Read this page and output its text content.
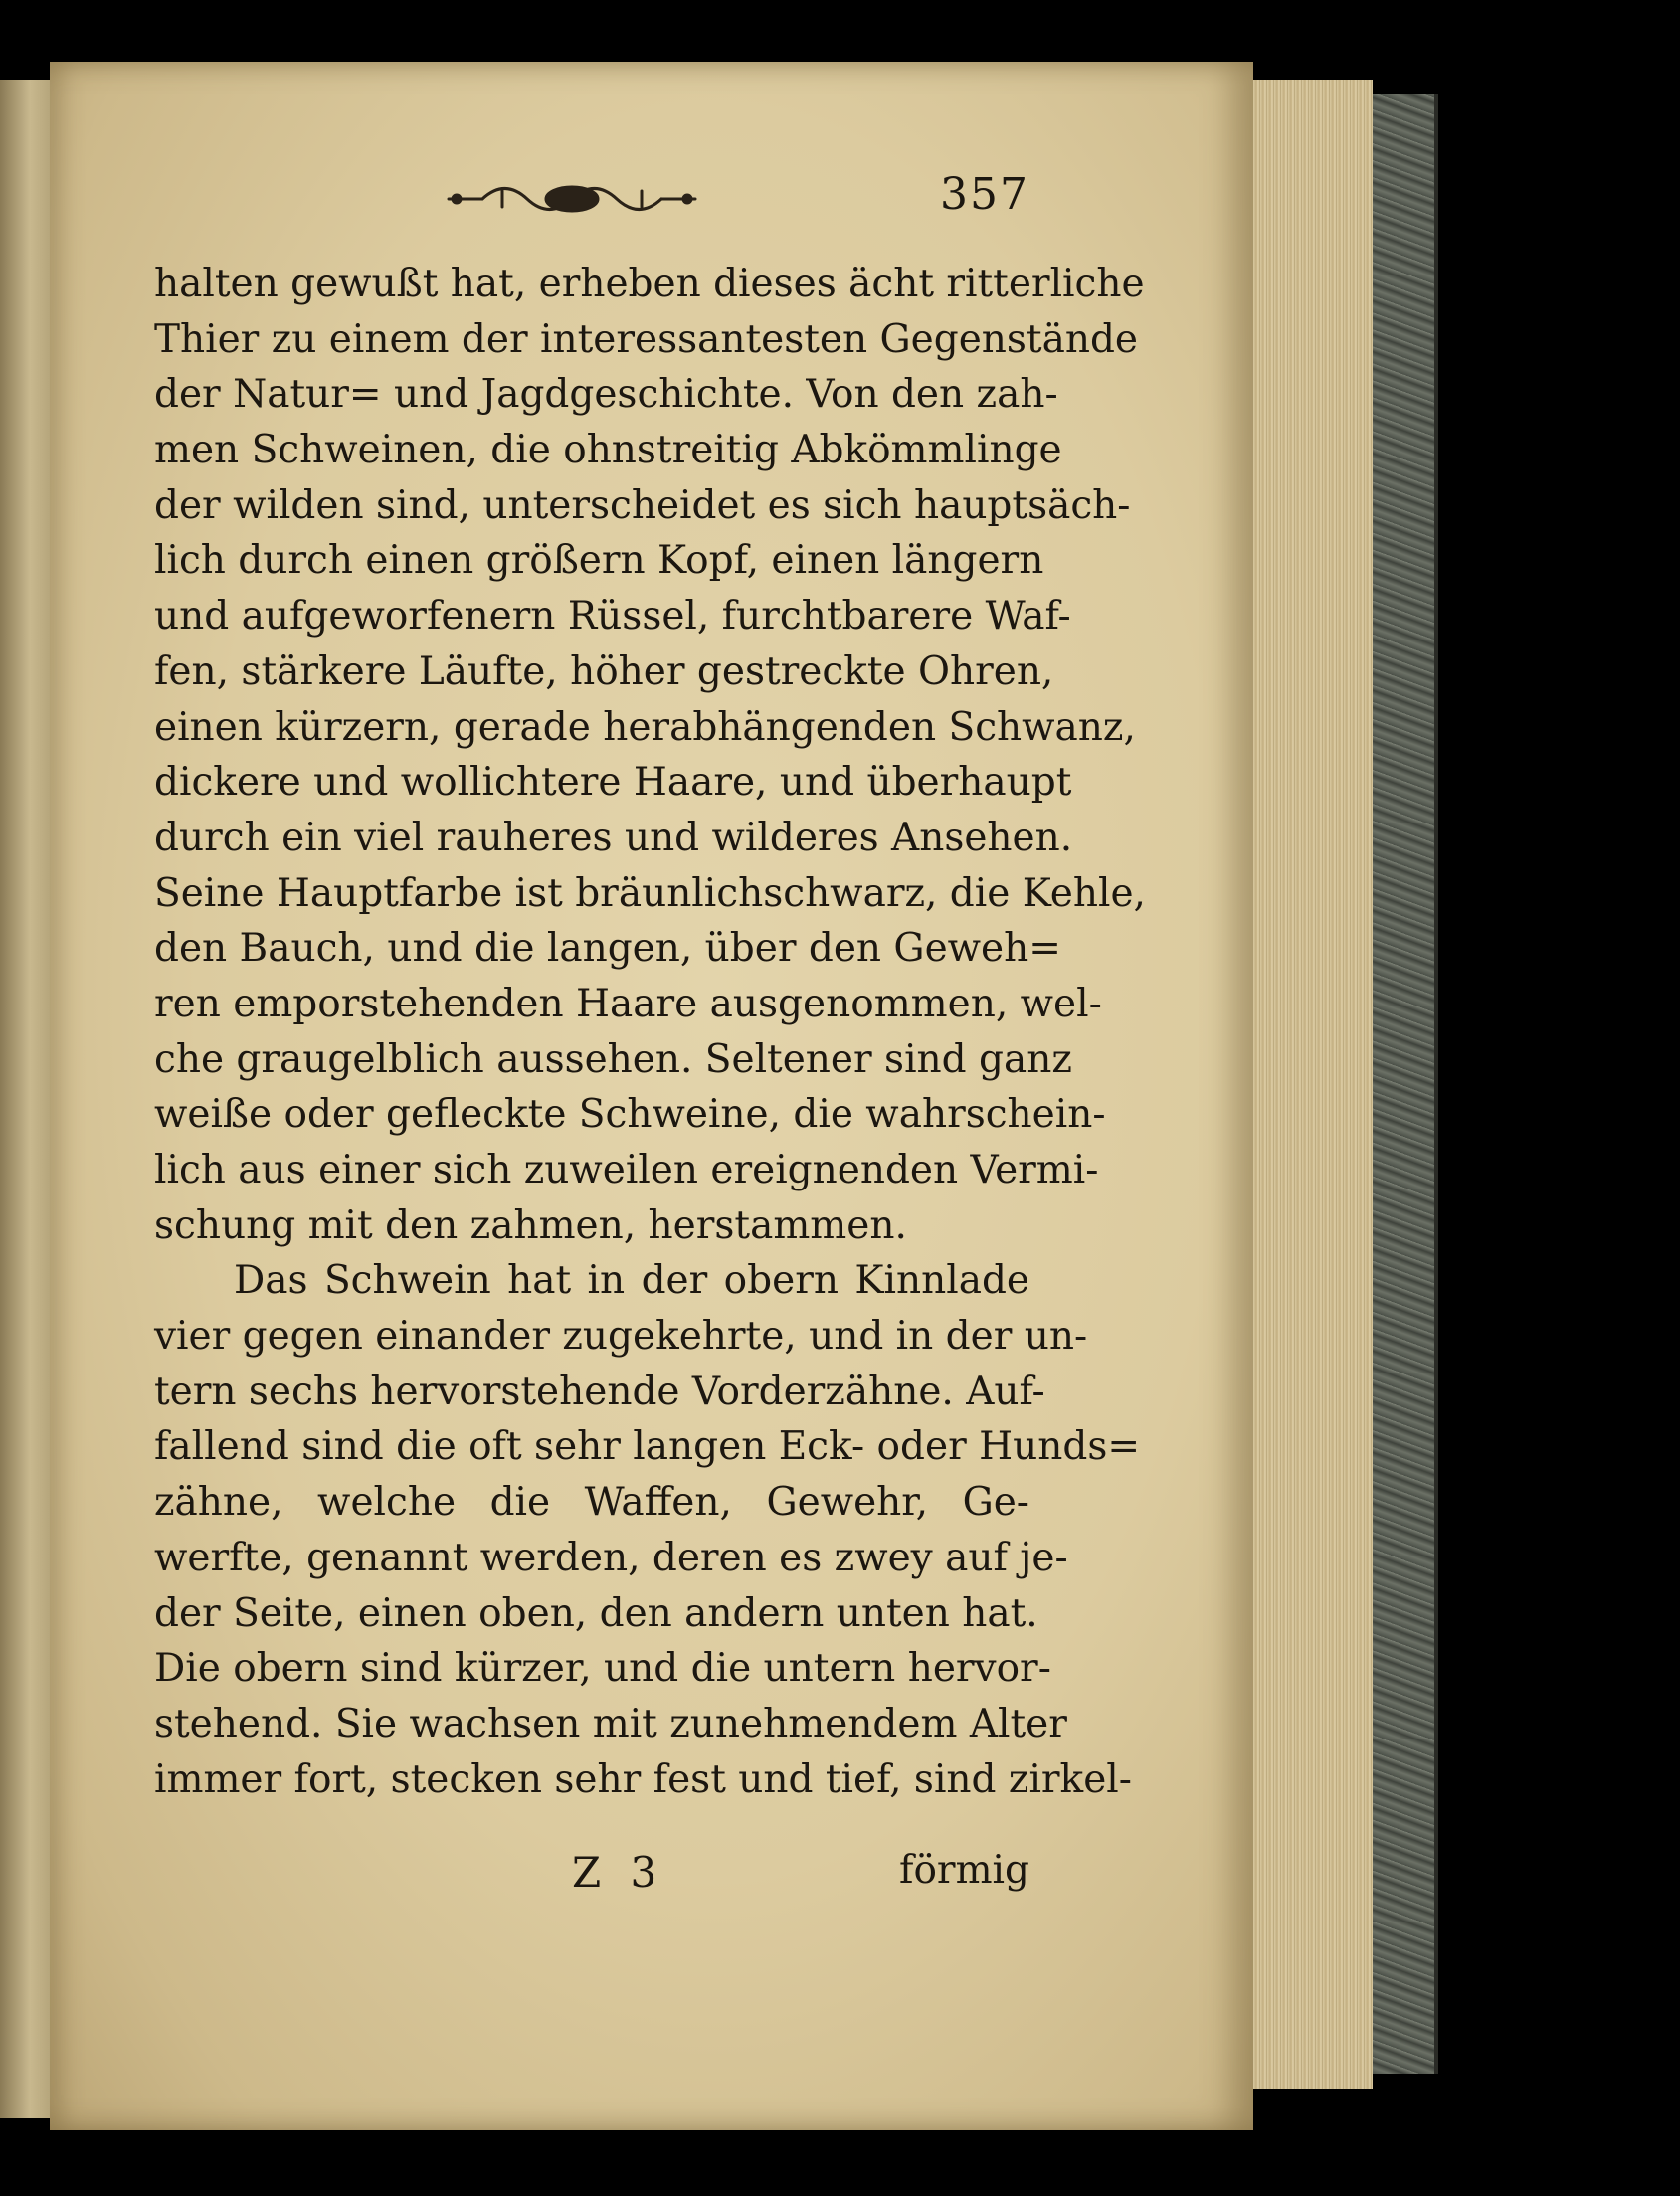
357
halten gewußt hat, erheben dieses ächt ritterliche
Thier zu einem der interessantesten Gegenstände
der Natur= und Jagdgeschichte. Von den zah-
men Schweinen, die ohnstreitig Abkömmlinge
der wilden sind, unterscheidet es sich hauptsäch-
lich durch einen größern Kopf, einen längern
und aufgeworfenern Rüssel, furchtbarere Waf-
fen, stärkere Läufte, höher gestreckte Ohren,
einen kürzern, gerade herabhängenden Schwanz,
dickere und wollichtere Haare, und überhaupt
durch ein viel rauheres und wilderes Ansehen.
Seine Hauptfarbe ist bräunlichschwarz, die Kehle,
den Bauch, und die langen, über den Geweh=
ren emporstehenden Haare ausgenommen, wel-
che graugelblich aussehen. Seltener sind ganz
weiße oder gefleckte Schweine, die wahrschein-
lich aus einer sich zuweilen ereignenden Vermi-
schung mit den zahmen, herstammen.
Das Schwein hat in der obern Kinnlade
vier gegen einander zugekehrte, und in der un-
tern sechs hervorstehende Vorderzähne. Auf-
fallend sind die oft sehr langen Eck- oder Hunds=
zähne, welche die Waffen, Gewehr, Ge-
werfte, genannt werden, deren es zwey auf je-
der Seite, einen oben, den andern unten hat.
Die obern sind kürzer, und die untern hervor-
stehend. Sie wachsen mit zunehmendem Alter
immer fort, stecken sehr fest und tief, sind zirkel-
Z 3	förmig
